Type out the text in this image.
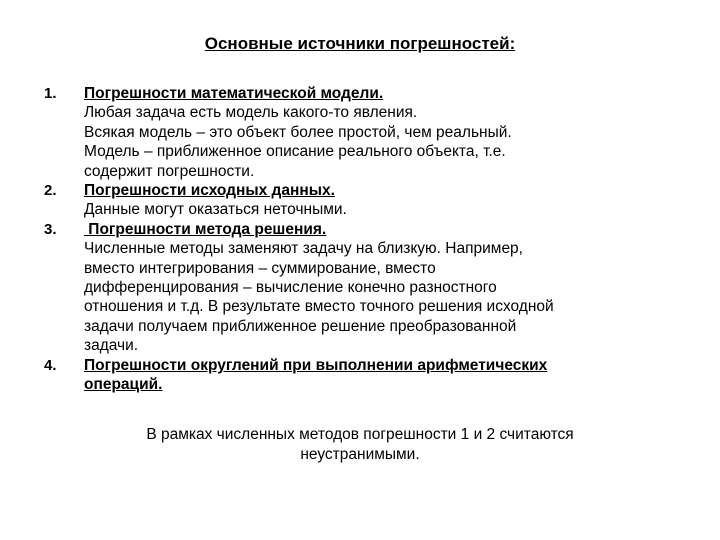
Основные источники погрешностей:
1.	Погрешности математической модели.
Любая задача есть модель какого-то явления.
Всякая модель – это объект более простой, чем реальный.
Модель – приближенное описание реального объекта, т.е.
содержит погрешности.
2.	Погрешности исходных данных.
Данные могут оказаться неточными.
3.	Погрешности метода решения.
Численные методы заменяют задачу на близкую. Например,
вместо интегрирования – суммирование, вместо
дифференцирования – вычисление конечно разностного
отношения и т.д. В результате вместо точного решения исходной
задачи получаем приближенное решение преобразованной
задачи.
4.	Погрешности округлений при выполнении арифметических
операций.
В рамках численных методов погрешности 1 и 2 считаются
неустранимыми.
